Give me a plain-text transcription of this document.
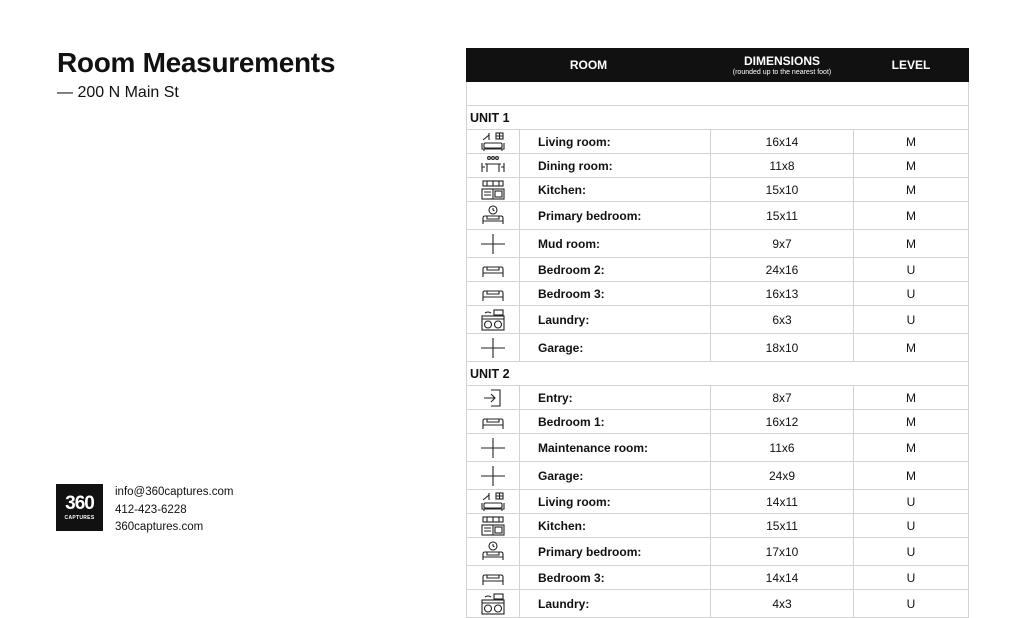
Room Measurements
— 200 N Main St
360
CAPTURES
info@360captures.com
412-423-6228
360captures.com
ROOM		DIMENSIONS
(rounded up to the nearest foot)	LEVEL

UNIT 1			

	Living room:	16x14	M

	Dining room:	11x8	M

	Kitchen:	15x10	M

	Primary bedroom:	15x11	M

	Mud room:	9x7	M

	Bedroom 2:	24x16	U

	Bedroom 3:	16x13	U

	Laundry:	6x3	U

	Garage:	18x10	M
UNIT 2			

	Entry:	8x7	M

	Bedroom 1:	16x12	M

	Maintenance room:	11x6	M

	Garage:	24x9	M

	Living room:	14x11	U

	Kitchen:	15x11	U

	Primary bedroom:	17x10	U

	Bedroom 3:	14x14	U

	Laundry:	4x3	U
